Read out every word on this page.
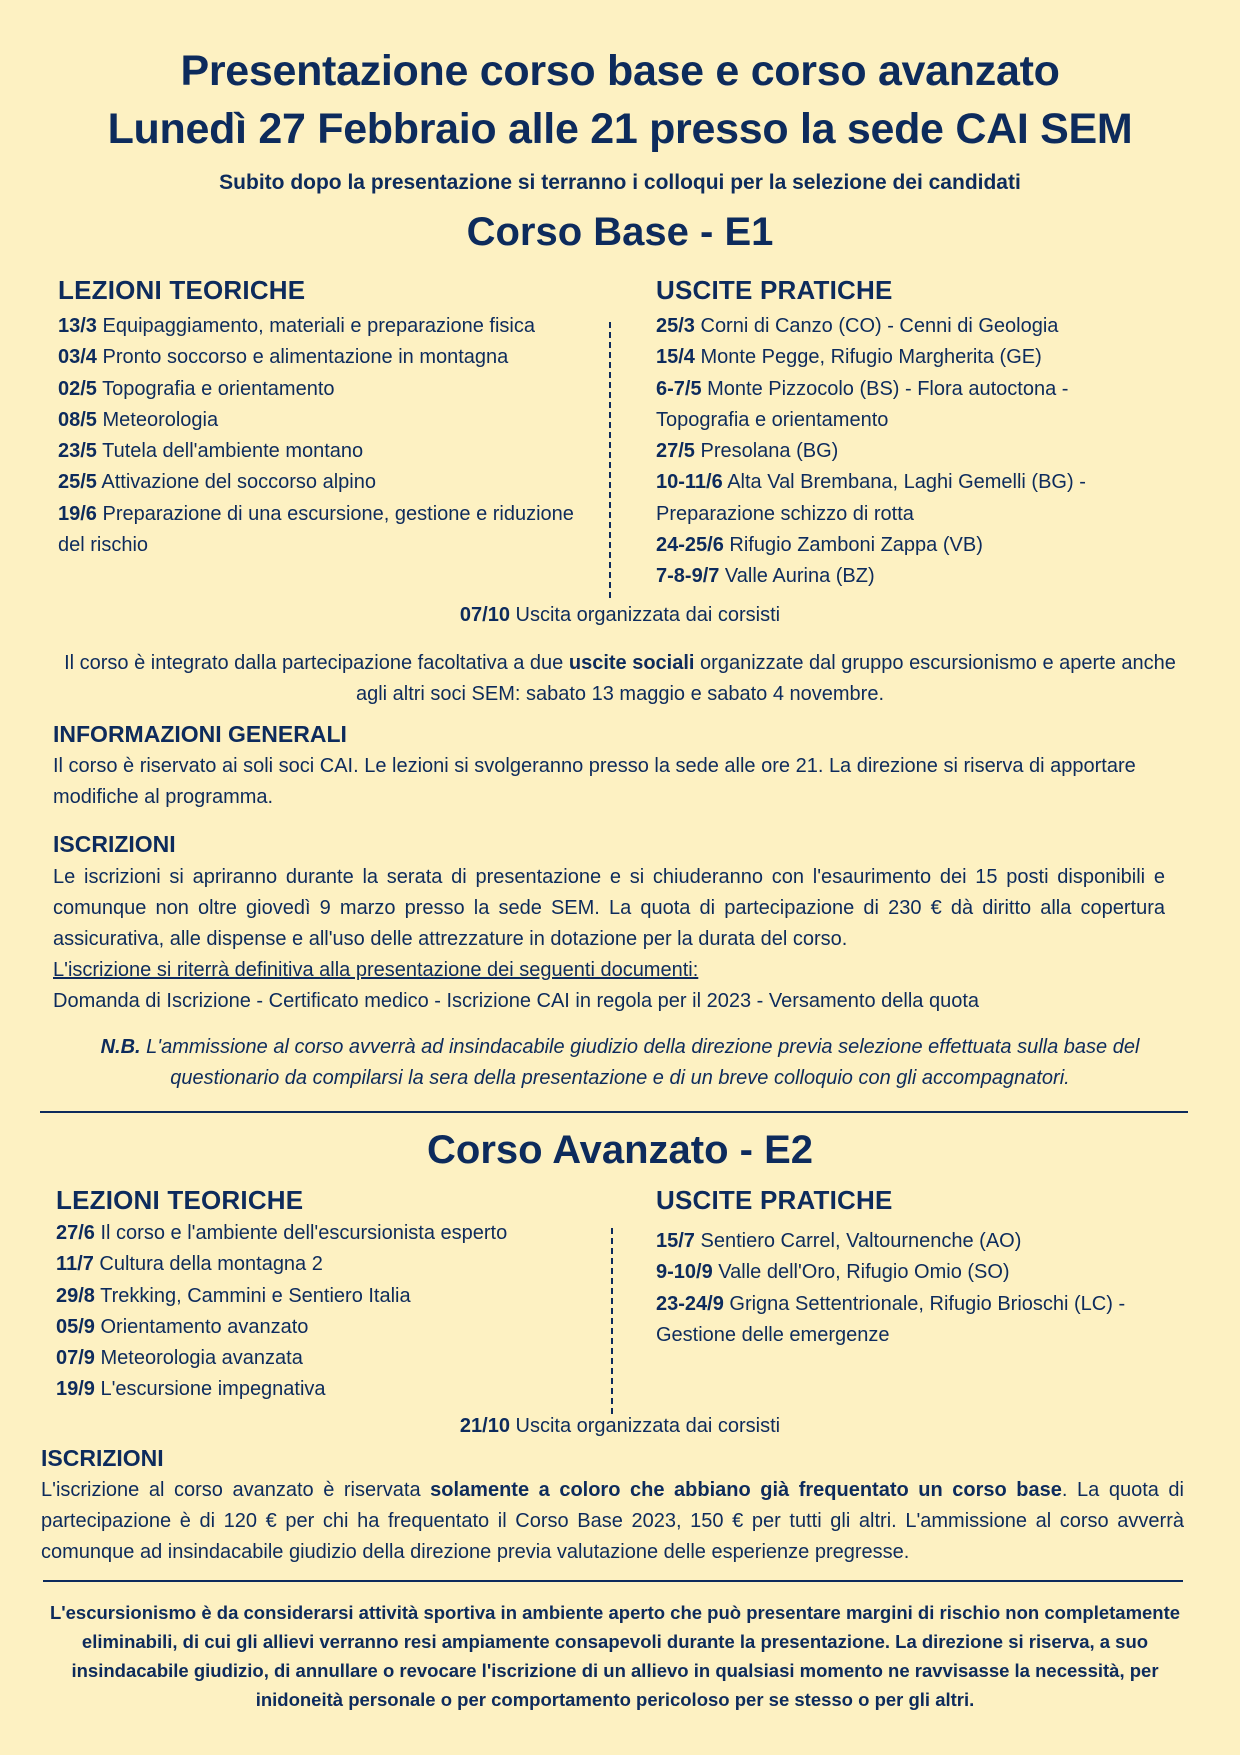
Presentazione corso base e corso avanzato
Lunedì 27 Febbraio alle 21 presso la sede CAI SEM
Subito dopo la presentazione si terranno i colloqui per la selezione dei candidati
Corso Base - E1
LEZIONI TEORICHE
13/3 Equipaggiamento, materiali e preparazione fisica
03/4 Pronto soccorso e alimentazione in montagna
02/5 Topografia e orientamento
08/5 Meteorologia
23/5 Tutela dell'ambiente montano
25/5 Attivazione del soccorso alpino
19/6 Preparazione di una escursione, gestione e riduzione del rischio
USCITE PRATICHE
25/3 Corni di Canzo (CO) - Cenni di Geologia
15/4 Monte Pegge, Rifugio Margherita (GE)
6-7/5 Monte Pizzocolo (BS) - Flora autoctona - Topografia e orientamento
27/5 Presolana (BG)
10-11/6 Alta Val Brembana, Laghi Gemelli (BG) - Preparazione schizzo di rotta
24-25/6 Rifugio Zamboni Zappa (VB)
7-8-9/7 Valle Aurina (BZ)
07/10 Uscita organizzata dai corsisti
Il corso è integrato dalla partecipazione facoltativa a due uscite sociali organizzate dal gruppo escursionismo e aperte anche agli altri soci SEM: sabato 13 maggio e sabato 4 novembre.
INFORMAZIONI GENERALI
Il corso è riservato ai soli soci CAI. Le lezioni si svolgeranno presso la sede alle ore 21. La direzione si riserva di apportare modifiche al programma.
ISCRIZIONI
Le iscrizioni si apriranno durante la serata di presentazione e si chiuderanno con l'esaurimento dei 15 posti disponibili e comunque non oltre giovedì 9 marzo presso la sede SEM. La quota di partecipazione di 230 € dà diritto alla copertura assicurativa, alle dispense e all'uso delle attrezzature in dotazione per la durata del corso.
L'iscrizione si riterrà definitiva alla presentazione dei seguenti documenti:
Domanda di Iscrizione - Certificato medico - Iscrizione CAI in regola per il 2023 - Versamento della quota
N.B. L'ammissione al corso avverrà ad insindacabile giudizio della direzione previa selezione effettuata sulla base del questionario da compilarsi la sera della presentazione e di un breve colloquio con gli accompagnatori.
Corso Avanzato - E2
LEZIONI TEORICHE
27/6 Il corso e l'ambiente dell'escursionista esperto
11/7 Cultura della montagna 2
29/8 Trekking, Cammini e Sentiero Italia
05/9 Orientamento avanzato
07/9 Meteorologia avanzata
19/9 L'escursione impegnativa
USCITE PRATICHE
15/7 Sentiero Carrel, Valtournenche (AO)
9-10/9 Valle dell'Oro, Rifugio Omio (SO)
23-24/9 Grigna Settentrionale, Rifugio Brioschi (LC) - Gestione delle emergenze
21/10 Uscita organizzata dai corsisti
ISCRIZIONI
L'iscrizione al corso avanzato è riservata solamente a coloro che abbiano già frequentato un corso base. La quota di partecipazione è di 120 € per chi ha frequentato il Corso Base 2023, 150 € per tutti gli altri. L'ammissione al corso avverrà comunque ad insindacabile giudizio della direzione previa valutazione delle esperienze pregresse.
L'escursionismo è da considerarsi attività sportiva in ambiente aperto che può presentare margini di rischio non completamente eliminabili, di cui gli allievi verranno resi ampiamente consapevoli durante la presentazione. La direzione si riserva, a suo insindacabile giudizio, di annullare o revocare l'iscrizione di un allievo in qualsiasi momento ne ravvisasse la necessità, per inidoneità personale o per comportamento pericoloso per se stesso o per gli altri.
